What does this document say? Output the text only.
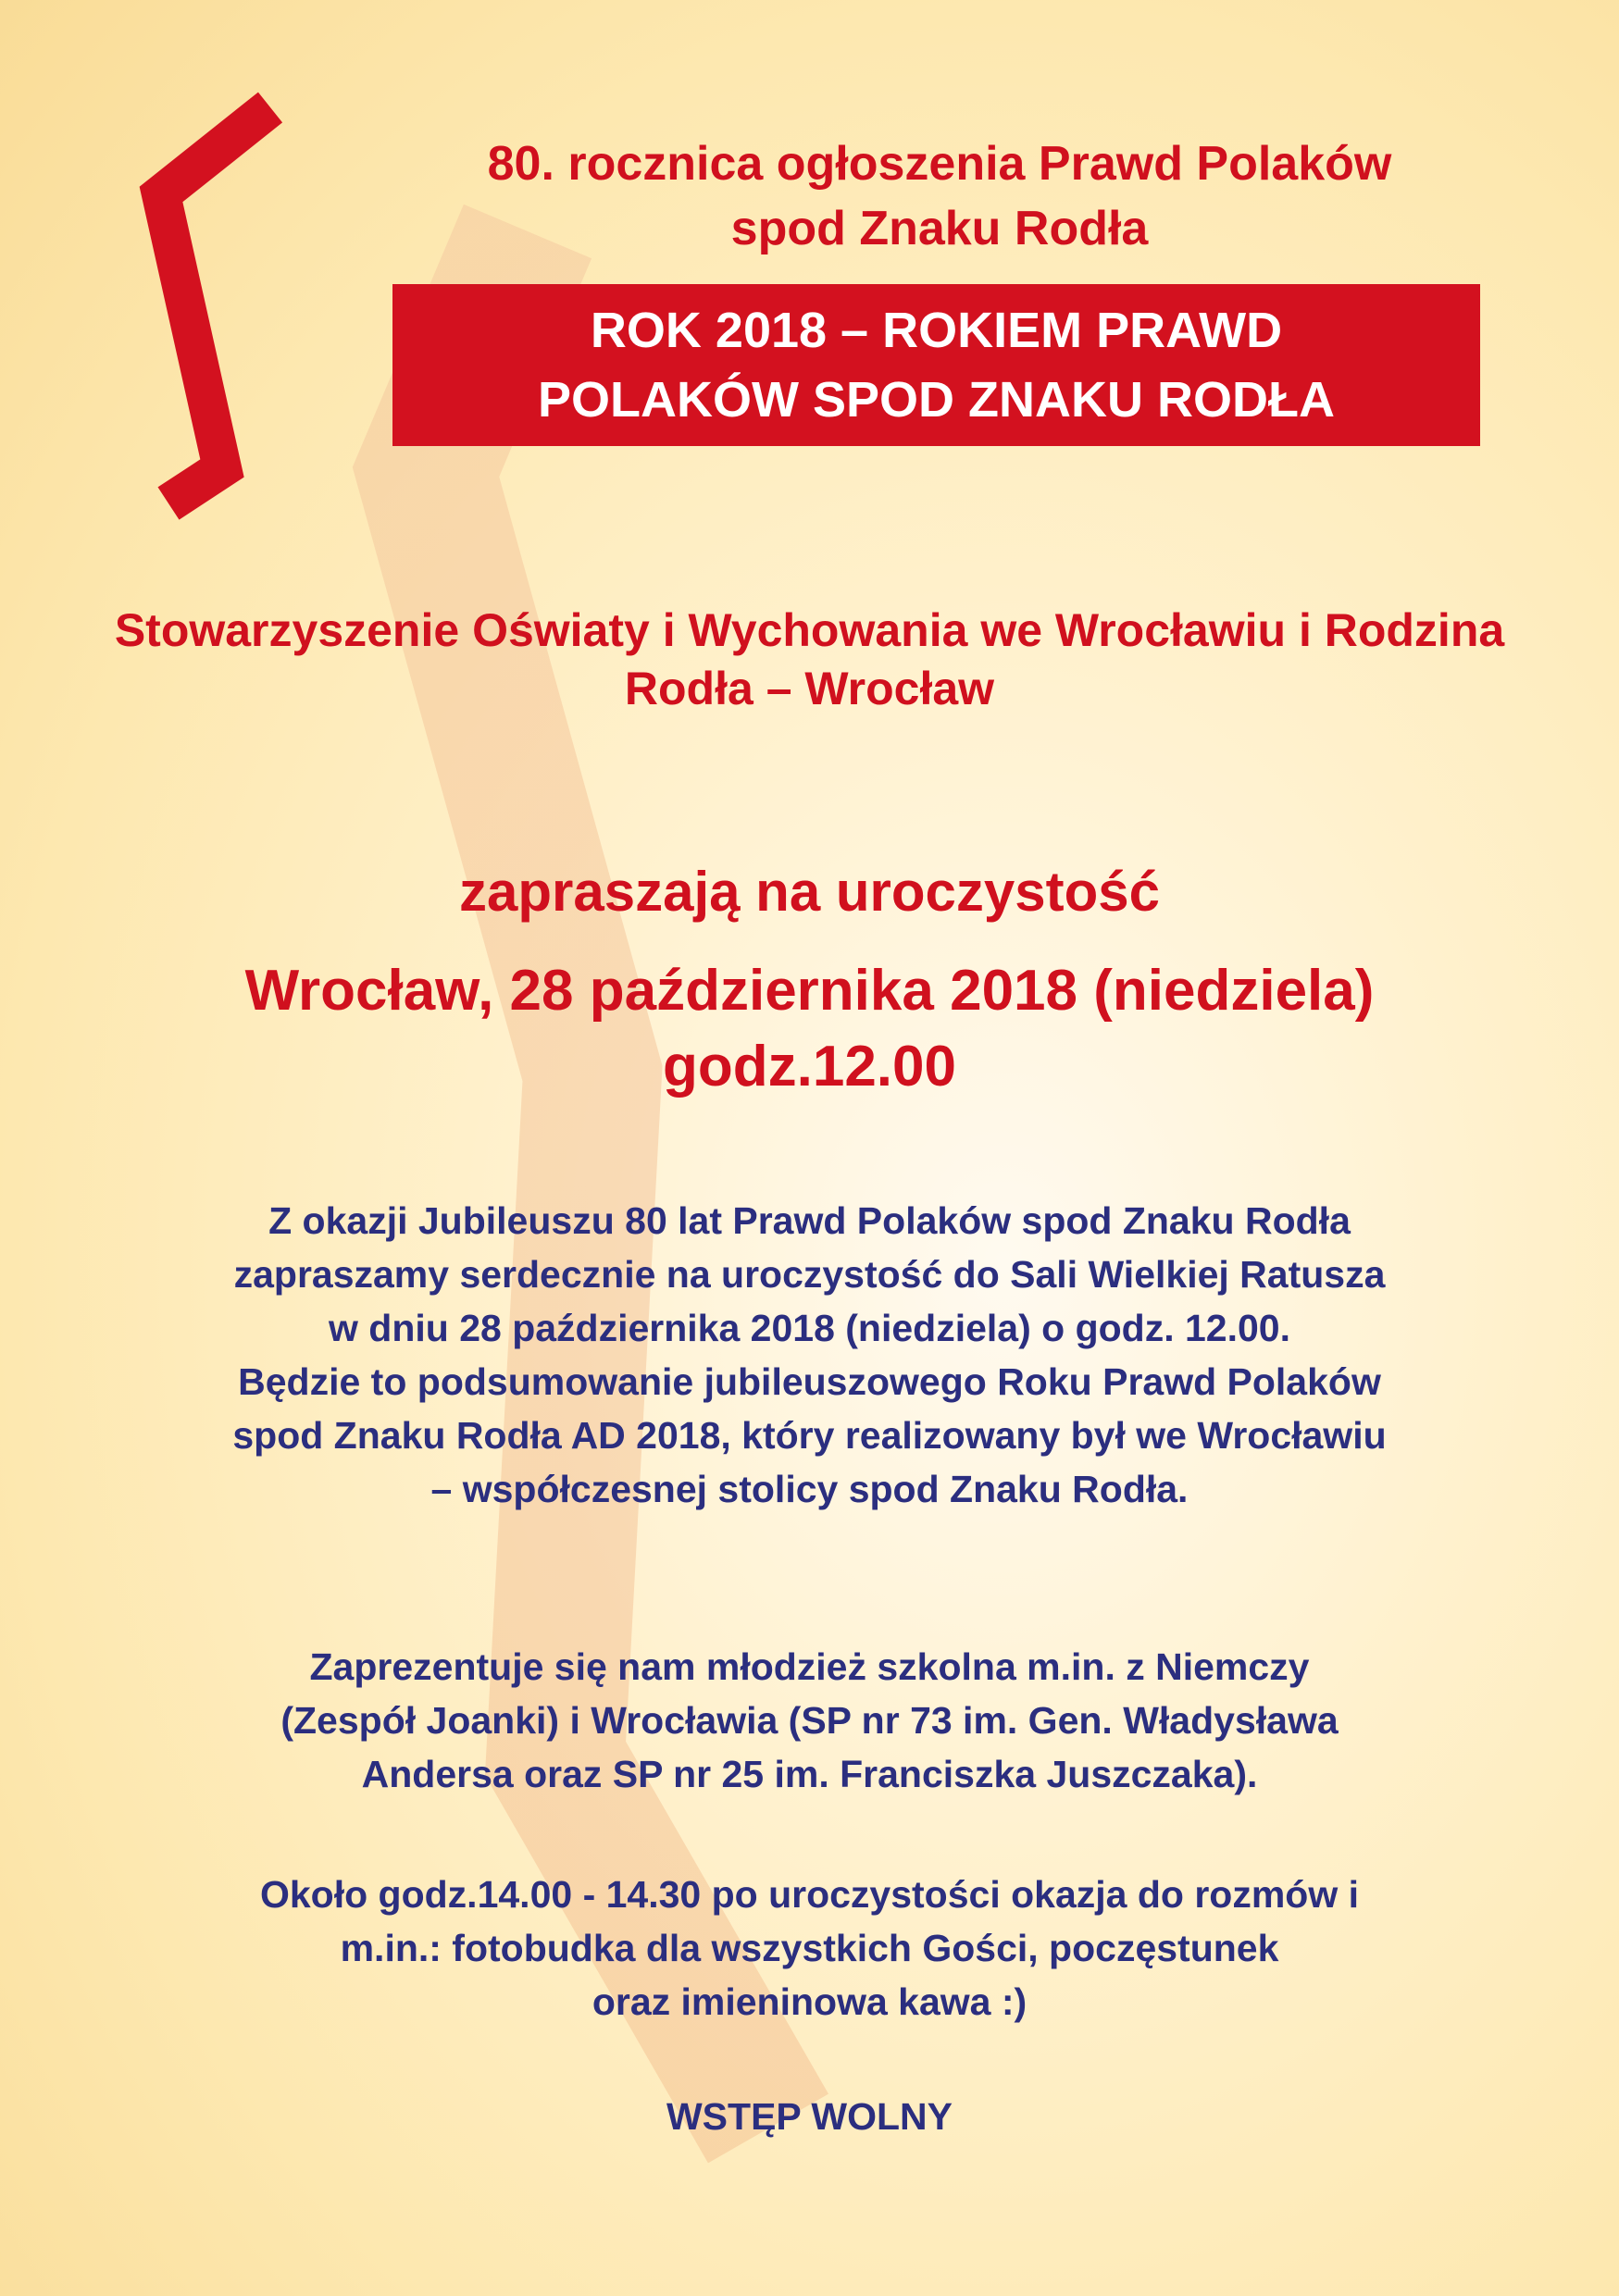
80. rocznica ogłoszenia Prawd Polaków
spod Znaku Rodła
ROK 2018 – ROKIEM PRAWD
POLAKÓW SPOD ZNAKU RODŁA
Stowarzyszenie Oświaty i Wychowania we Wrocławiu i Rodzina Rodła – Wrocław
zapraszają na uroczystość
Wrocław, 28 października 2018 (niedziela) godz.12.00
Z okazji Jubileuszu 80 lat Prawd Polaków spod Znaku Rodła
zapraszamy serdecznie na uroczystość do Sali Wielkiej Ratusza
w dniu 28 października 2018 (niedziela) o godz. 12.00.
Będzie to podsumowanie jubileuszowego Roku Prawd Polaków
spod Znaku Rodła AD 2018, który realizowany był we Wrocławiu
– współczesnej stolicy spod Znaku Rodła.
Zaprezentuje się nam młodzież szkolna m.in. z Niemczy
(Zespół Joanki) i Wrocławia (SP nr 73 im. Gen. Władysława
Andersa oraz SP nr 25 im. Franciszka Juszczaka).
Około godz.14.00 - 14.30 po uroczystości okazja do rozmów i
m.in.: fotobudka dla wszystkich Gości, poczęstunek
oraz imieninowa kawa :)
WSTĘP WOLNY
